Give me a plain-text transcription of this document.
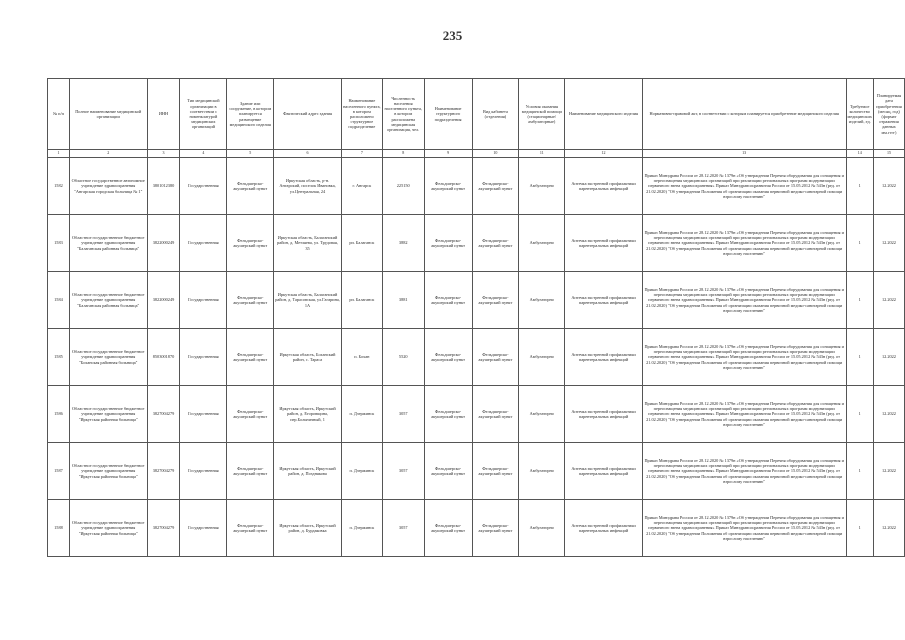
235
№ п/п	Полное наименование медицинской организации	ИНН	Тип медицинской организации в соответствии с номенклатурой медицинских организаций	Здание или сооружение, в котором планируется размещение медицинского изделия	Фактический адрес здания	Наименование населенного пункта, в котором расположено структурное подразделение	Численность населения населенного пункта, в котором расположена медицинская организация, чел.	Наименование структурного подразделения	Вид кабинета (отделения)	Условия оказания медицинской помощи (стационарные/амбулаторные)	Наименование медицинского изделия	Нормативно-правовой акт, в соответствии с которым планируется приобретение медицинского изделия	Требуемое количество медицинских изделий, ед.	Планируемая дата приобретения (месяц, год) (формат отражения данных мм.гггг)
1	2	3	4	5	6	7	8	9	10	11	12	13	14	15
1582	Областное государственное автономное учреждение здравоохранения "Ангарская городская больница № 1"	3801012380	Государственная	Фельдшерско-акушерский пункт	Иркутская область, р-н. Ангарский, поселок Ивановка, ул.Центральная, 24	г. Ангарск	225150	Фельдшерско-акушерский пункт	Фельдшерско-акушерский пункт	Амбулаторно	Аптечка экстренной профилактики парентеральных инфекций	Приказ Минздрава России от 28.12.2020 № 1379н «Об утверждении Перечня оборудования для оснащения и переоснащения медицинских организаций при реализации региональных программ модернизации первичного звена здравоохранения» Приказ Минздравсоцразвития России от 15.05.2012 № 543н (ред. от 21.02.2020) "Об утверждении Положения об организации оказания первичной медико-санитарной помощи взрослому населению"	1	12.2022
1583	Областное государственное бюджетное учреждение здравоохранения "Балаганская районная больница"	3822000249	Государственная	Фельдшерско-акушерский пункт	Иркутская область, Балаганский район, д. Метляева, ул. Трудовая, 35	рп. Балаганск	3882	Фельдшерско-акушерский пункт	Фельдшерско-акушерский пункт	Амбулаторно	Аптечка экстренной профилактики парентеральных инфекций	Приказ Минздрава России от 28.12.2020 № 1379н «Об утверждении Перечня оборудования для оснащения и переоснащения медицинских организаций при реализации региональных программ модернизации первичного звена здравоохранения» Приказ Минздравсоцразвития России от 15.05.2012 № 543н (ред. от 21.02.2020) "Об утверждении Положения об организации оказания первичной медико-санитарной помощи взрослому населению"	1	12.2022
1584	Областное государственное бюджетное учреждение здравоохранения "Балаганская районная больница"	3822000249	Государственная	Фельдшерско-акушерский пункт	Иркутская область, Балаганский район, д. Тарасовская, ул.Гагарина, 1А	рп. Балаганск	3881	Фельдшерско-акушерский пункт	Фельдшерско-акушерский пункт	Амбулаторно	Аптечка экстренной профилактики парентеральных инфекций	Приказ Минздрава России от 28.12.2020 № 1379н «Об утверждении Перечня оборудования для оснащения и переоснащения медицинских организаций при реализации региональных программ модернизации первичного звена здравоохранения» Приказ Минздравсоцразвития России от 15.05.2012 № 543н (ред. от 21.02.2020) "Об утверждении Положения об организации оказания первичной медико-санитарной помощи взрослому населению"	1	12.2022
1585	Областное государственное бюджетное учреждение здравоохранения "Боханская районная больница"	8503001870	Государственная	Фельдшерско-акушерский пункт	Иркутская область, Боханский район, с. Тараса	п. Бохан	5520	Фельдшерско-акушерский пункт	Фельдшерско-акушерский пункт	Амбулаторно	Аптечка экстренной профилактики парентеральных инфекций	Приказ Минздрава России от 28.12.2020 № 1379н «Об утверждении Перечня оборудования для оснащения и переоснащения медицинских организаций при реализации региональных программ модернизации первичного звена здравоохранения» Приказ Минздравсоцразвития России от 15.05.2012 № 543н (ред. от 21.02.2020) "Об утверждении Положения об организации оказания первичной медико-санитарной помощи взрослому населению"	1	12.2022
1586	Областное государственное бюджетное учреждение здравоохранения "Иркутская районная больница"	3827004279	Государственная	Фельдшерско-акушерский пункт	Иркутская область, Иркутский район, д. Егоровщина, пер.Больничный, 1	п. Дзержинск	3057	Фельдшерско-акушерский пункт	Фельдшерско-акушерский пункт	Амбулаторно	Аптечка экстренной профилактики парентеральных инфекций	Приказ Минздрава России от 28.12.2020 № 1379н «Об утверждении Перечня оборудования для оснащения и переоснащения медицинских организаций при реализации региональных программ модернизации первичного звена здравоохранения» Приказ Минздравсоцразвития России от 15.05.2012 № 543н (ред. от 21.02.2020) "Об утверждении Положения об организации оказания первичной медико-санитарной помощи взрослому населению"	1	12.2022
1587	Областное государственное бюджетное учреждение здравоохранения "Иркутская районная больница"	3827004279	Государственная	Фельдшерско-акушерский пункт	Иркутская область, Иркутский район, д. Позднякова	п. Дзержинск	3057	Фельдшерско-акушерский пункт	Фельдшерско-акушерский пункт	Амбулаторно	Аптечка экстренной профилактики парентеральных инфекций	Приказ Минздрава России от 28.12.2020 № 1379н «Об утверждении Перечня оборудования для оснащения и переоснащения медицинских организаций при реализации региональных программ модернизации первичного звена здравоохранения» Приказ Минздравсоцразвития России от 15.05.2012 № 543н (ред. от 21.02.2020) "Об утверждении Положения об организации оказания первичной медико-санитарной помощи взрослому населению"	1	12.2022
1588	Областное государственное бюджетное учреждение здравоохранения "Иркутская районная больница"	3827004279	Государственная	Фельдшерско-акушерский пункт	Иркутская область, Иркутский район, д. Бурдаковка	п. Дзержинск	3057	Фельдшерско-акушерский пункт	Фельдшерско-акушерский пункт	Амбулаторно	Аптечка экстренной профилактики парентеральных инфекций	Приказ Минздрава России от 28.12.2020 № 1379н «Об утверждении Перечня оборудования для оснащения и переоснащения медицинских организаций при реализации региональных программ модернизации первичного звена здравоохранения» Приказ Минздравсоцразвития России от 15.05.2012 № 543н (ред. от 21.02.2020) "Об утверждении Положения об организации оказания первичной медико-санитарной помощи взрослому населению"	1	12.2022
